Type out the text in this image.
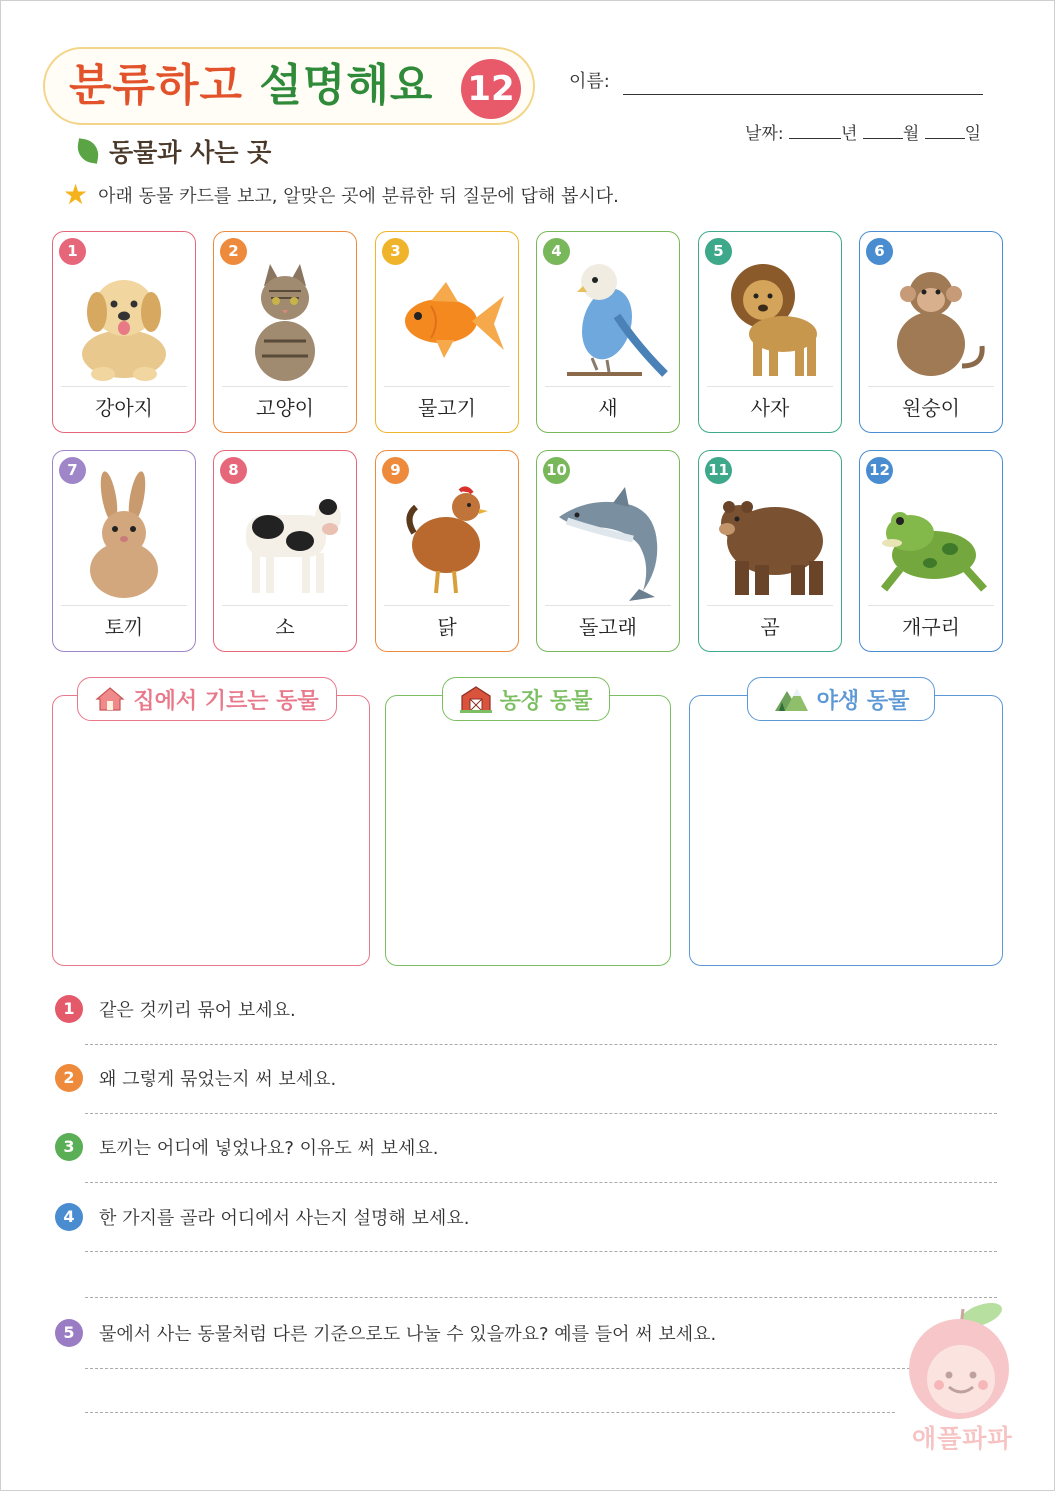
분류하고 설명해요 12	이름:
날짜:	년	월	일
동물과 사는 곳
★ 아래 동물 카드를 보고, 알맞은 곳에 분류한 뒤 질문에 답해 봅시다.
1
강아지
2
고양이
3
물고기
4
새
5
사자
6
원숭이
7
토끼
8
소
9
닭
10
돌고래
11
곰
12
개구리
집에서 기르는 동물	농장 동물	야생 동물
1	같은 것끼리 묶어 보세요.
2	왜 그렇게 묶었는지 써 보세요.
3	토끼는 어디에 넣었나요? 이유도 써 보세요.
4	한 가지를 골라 어디에서 사는지 설명해 보세요.
5	물에서 사는 동물처럼 다른 기준으로도 나눌 수 있을까요? 예를 들어 써 보세요.
애플파파
